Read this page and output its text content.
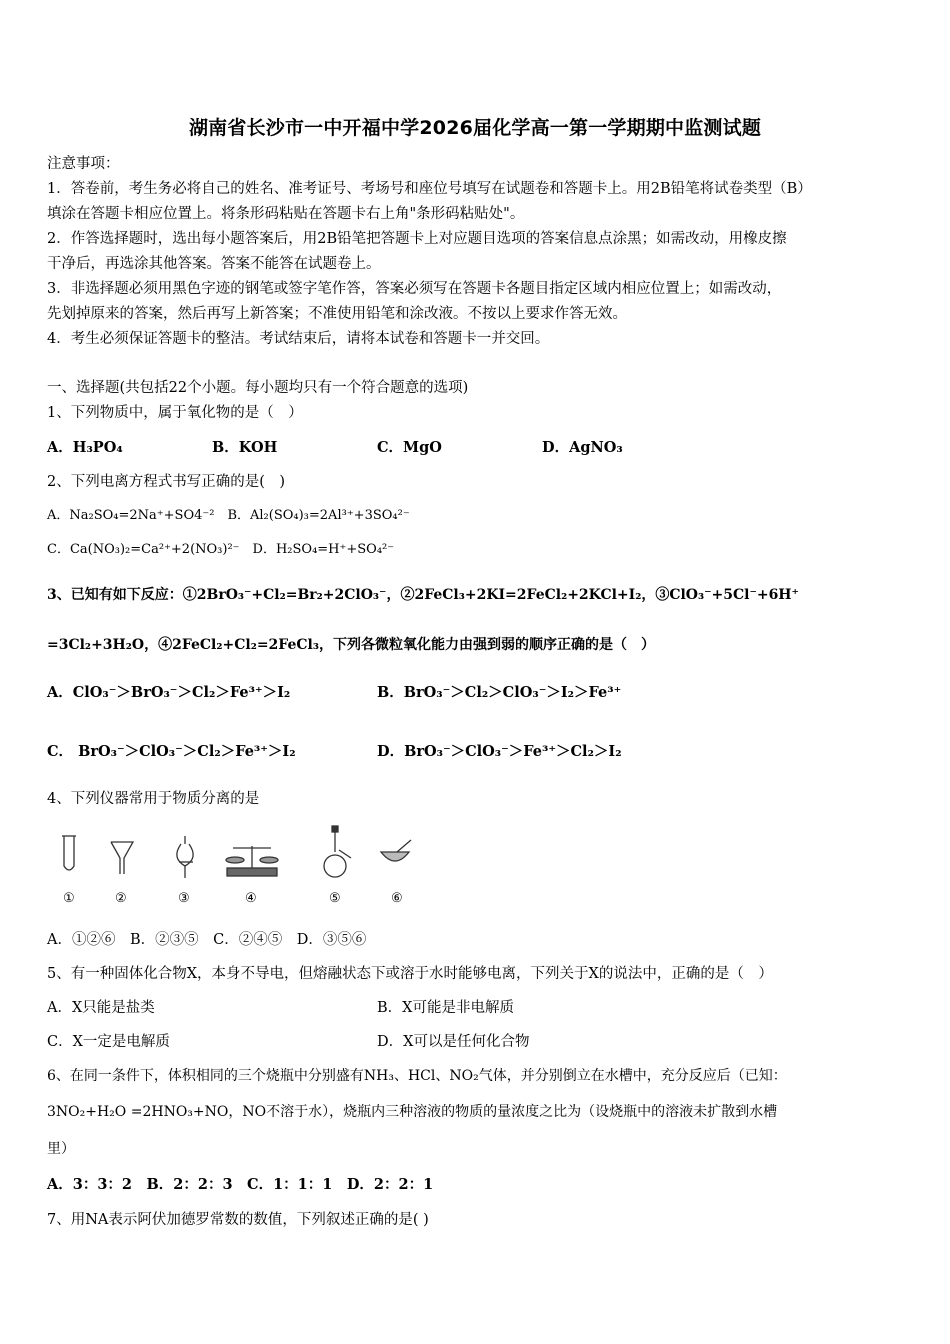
湖南省长沙市一中开福中学2026届化学高一第一学期期中监测试题
注意事项：
1．答卷前，考生务必将自己的姓名、准考证号、考场号和座位号填写在试题卷和答题卡上。用2B铅笔将试卷类型（B）
填涂在答题卡相应位置上。将条形码粘贴在答题卡右上角"条形码粘贴处"。
2．作答选择题时，选出每小题答案后，用2B铅笔把答题卡上对应题目选项的答案信息点涂黑；如需改动，用橡皮擦
干净后，再选涂其他答案。答案不能答在试题卷上。
3．非选择题必须用黑色字迹的钢笔或签字笔作答，答案必须写在答题卡各题目指定区域内相应位置上；如需改动，
先划掉原来的答案，然后再写上新答案；不准使用铅笔和涂改液。不按以上要求作答无效。
4．考生必须保证答题卡的整洁。考试结束后，请将本试卷和答题卡一并交回。
一、选择题(共包括22个小题。每小题均只有一个符合题意的选项)
1、下列物质中，属于氧化物的是（　）
A．H₃PO₄	B．KOH	C．MgO	D．AgNO₃
2、下列电离方程式书写正确的是(　)
A．Na₂SO₄=2Na⁺+SO4⁻²　B．Al₂(SO₄)₃=2Al³⁺+3SO₄²⁻
C．Ca(NO₃)₂=Ca²⁺+2(NO₃)²⁻　D．H₂SO₄=H⁺+SO₄²⁻
3、已知有如下反应：①2BrO₃⁻+Cl₂=Br₂+2ClO₃⁻，②2FeCl₃+2KI=2FeCl₂+2KCl+I₂，③ClO₃⁻+5Cl⁻+6H⁺
=3Cl₂+3H₂O，④2FeCl₂+Cl₂=2FeCl₃，下列各微粒氧化能力由强到弱的顺序正确的是（　）
A．ClO₃⁻＞BrO₃⁻＞Cl₂＞Fe³⁺＞I₂	B．BrO₃⁻＞Cl₂＞ClO₃⁻＞I₂＞Fe³⁺
C． BrO₃⁻＞ClO₃⁻＞Cl₂＞Fe³⁺＞I₂	D．BrO₃⁻＞ClO₃⁻＞Fe³⁺＞Cl₂＞I₂
4、下列仪器常用于物质分离的是
①	②	③	④	⑤	⑥
A．①②⑥　B．②③⑤　C．②④⑤　D．③⑤⑥
5、有一种固体化合物X，本身不导电，但熔融状态下或溶于水时能够电离，下列关于X的说法中，正确的是（　）
A．X只能是盐类	B．X可能是非电解质
C．X一定是电解质	D．X可以是任何化合物
6、在同一条件下，体积相同的三个烧瓶中分别盛有NH₃、HCl、NO₂气体，并分别倒立在水槽中，充分反应后（已知：
3NO₂+H₂O =2HNO₃+NO，NO不溶于水），烧瓶内三种溶液的物质的量浓度之比为（设烧瓶中的溶液未扩散到水槽
里）
A．3：3：2　B．2：2：3　C．1：1：1　D．2：2：1
7、用NA表示阿伏加德罗常数的数值，下列叙述正确的是( )
